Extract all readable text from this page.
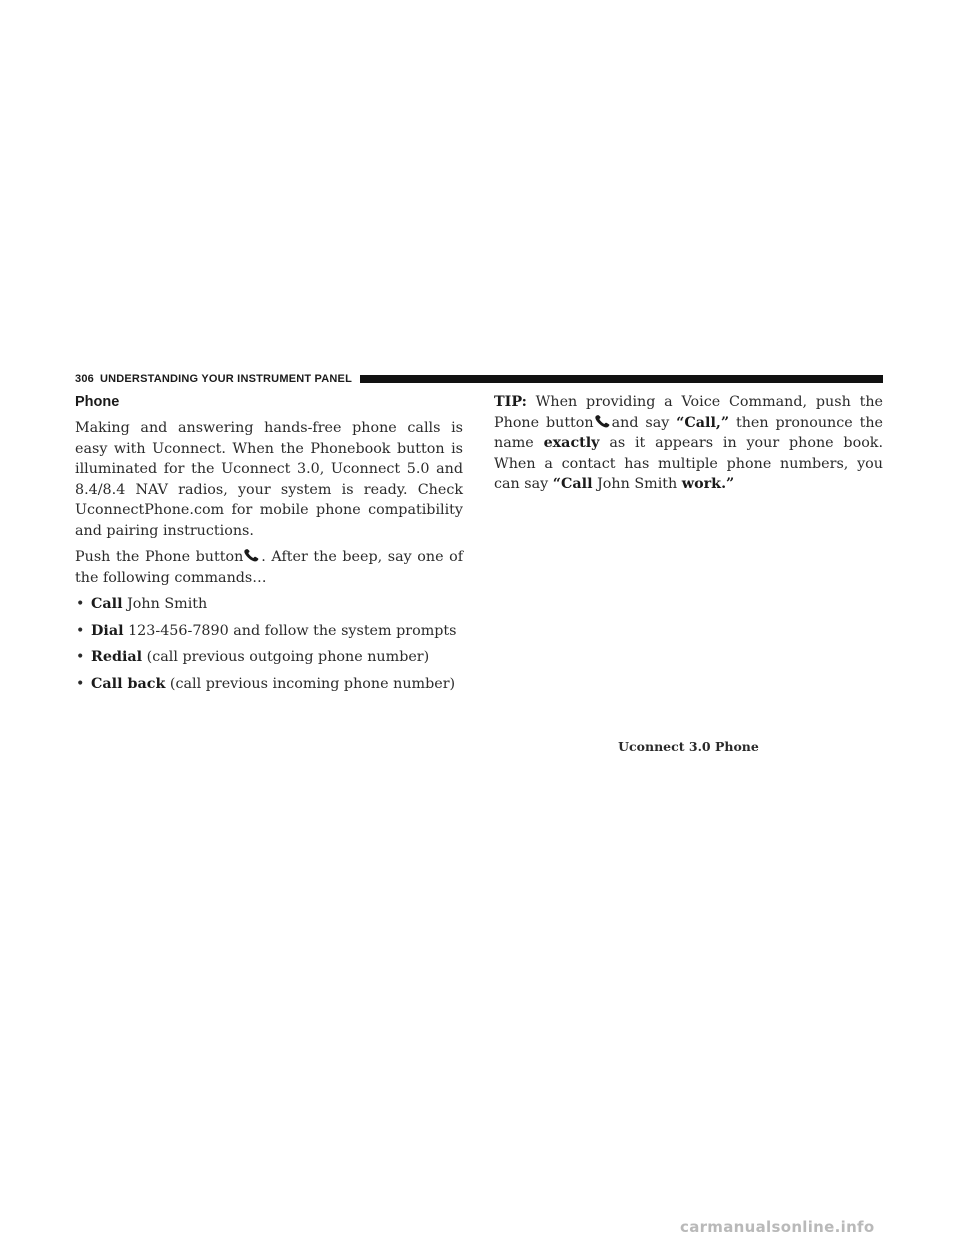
306 UNDERSTANDING YOUR INSTRUMENT PANEL
Phone

Making and answering hands-free phone calls is easy with Uconnect. When the Phonebook button is illuminated for the Uconnect 3.0, Uconnect 5.0 and 8.4/8.4 NAV radios, your system is ready. Check UconnectPhone.com for mobile phone compatibility and pairing instructions.

Push the Phone button . After the beep, say one of the following commands…

• Call John Smith
• Dial 123-456-7890 and follow the system prompts
• Redial (call previous outgoing phone number)
• Call back (call previous incoming phone number)

TIP: When providing a Voice Command, push the Phone button and say “Call,” then pronounce the name exactly as it appears in your phone book. When a contact has multiple phone numbers, you can say “Call John Smith work.”

Uconnect 3.0 Phone
carmanualsonline.info
